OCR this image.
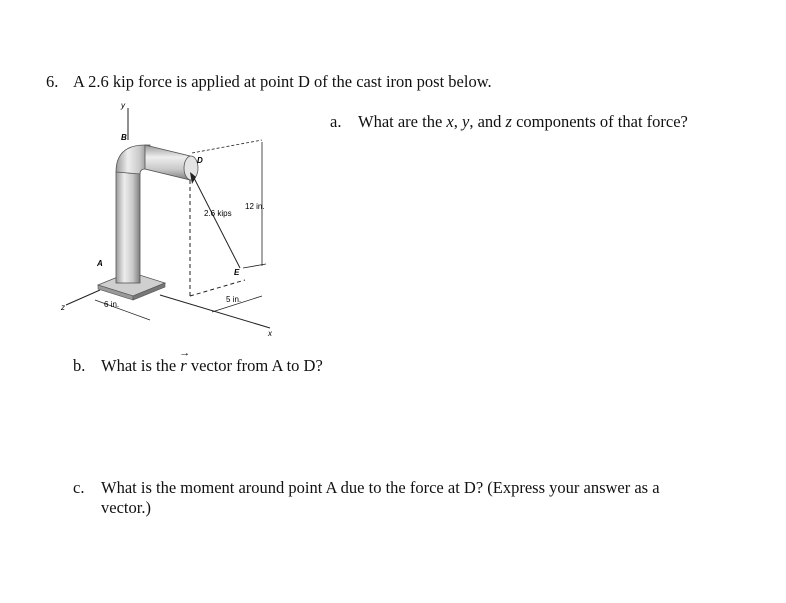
6. A 2.6 kip force is applied at point D of the cast iron post below.
a. What are the x, y, and z components of that force?
y
z
x
B
D
A
E
2.6 kips
12 in.
6 in.
5 in.
b. What is the r
→
vector from A to D?
c. What is the moment around point A due to the force at D? (Express your answer as a
vector.)
